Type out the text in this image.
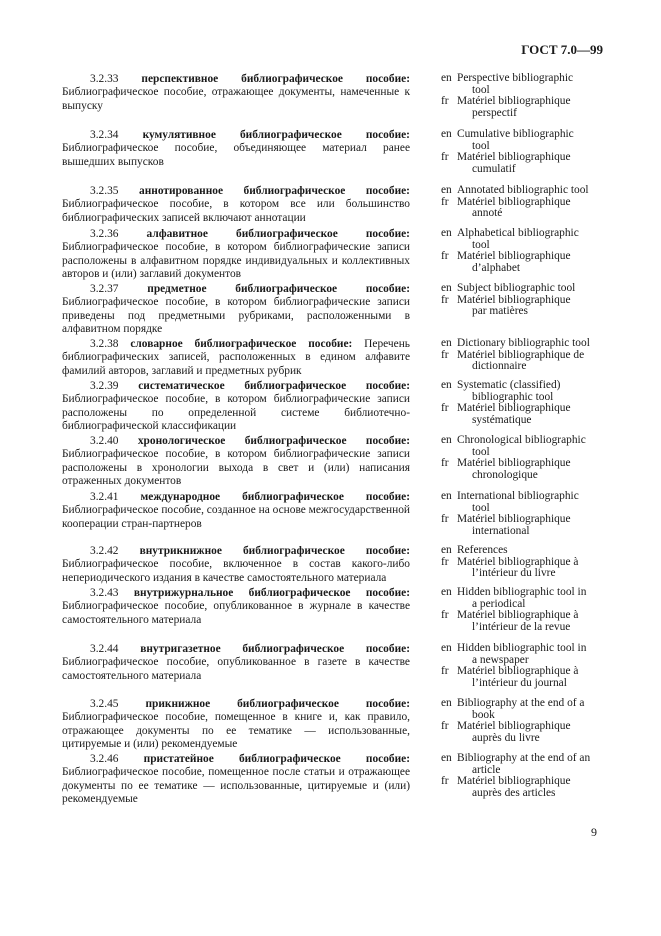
ГОСТ 7.0—99
3.2.33 перспективное библиографическое пособие: Библиографическое пособие, отражающее документы, намеченные к выпуску
en Perspective bibliographic
tool
fr Matériel bibliographique
perspectif
3.2.34 кумулятивное библиографическое пособие: Библиографическое пособие, объединяющее материал ранее вышедших выпусков
en Cumulative bibliographic
tool
fr Matériel bibliographique
cumulatif
3.2.35 аннотированное библиографическое пособие: Библиографическое пособие, в котором все или большинство библиографических записей включают аннотации
en Annotated bibliographic tool
fr Matériel bibliographique
annoté
3.2.36 алфавитное библиографическое пособие: Библиографическое пособие, в котором библиографические записи расположены в алфавитном порядке индивидуальных и коллективных авторов и (или) заглавий документов
en Alphabetical bibliographic
tool
fr Matériel bibliographique
d’alphabet
3.2.37	предметное библиографическое пособие: Библиографическое пособие, в котором библиографические записи приведены под предметными рубриками, расположенными в алфавитном порядке
en Subject bibliographic tool
fr Matériel bibliographique
par matières
3.2.38 словарное библиографическое пособие: Перечень библиографических записей, расположенных в едином алфавите фамилий авторов, заглавий и предметных рубрик
en Dictionary bibliographic tool
fr Matériel bibliographique de
dictionnaire
3.2.39 систематическое библиографическое пособие: Библиографическое пособие, в котором библиографические записи расположены по определенной системе библиотечно-библиографической классификации
en Systematic (classified)
bibliographic tool
fr Matériel bibliographique
systématique
3.2.40 хронологическое библиографическое пособие: Библиографическое пособие, в котором библиографические записи расположены в хронологии выхода в свет и (или) написания отраженных документов
en Chronological bibliographic
tool
fr Matériel bibliographique
chronologique
3.2.41 международное библиографическое пособие: Библиографическое пособие, созданное на основе межгосударственной кооперации стран-партнеров
en International bibliographic
tool
fr Matériel bibliographique
international
3.2.42 внутрикнижное библиографическое пособие: Библиографическое пособие, включенное в состав какого-либо непериодического издания в качестве самостоятельного материала
en References
fr Matériel bibliographique à
l’intérieur du livre
3.2.43 внутрижурнальное библиографическое пособие: Библиографическое пособие, опубликованное в журнале в качестве самостоятельного материала
en Hidden bibliographic tool in
a periodical
fr Matériel bibliographique à
l’intérieur de la revue
3.2.44 внутригазетное библиографическое пособие: Библиографическое пособие, опубликованное в газете в качестве самостоятельного материала
en Hidden bibliographic tool in
a newspaper
fr Matériel bibliographique à
l’intérieur du journal
3.2.45 прикнижное библиографическое пособие: Библиографическое пособие, помещенное в книге и, как правило, отражающее документы по ее тематике — использованные, цитируемые и (или) рекомендуемые
en Bibliography at the end of a
book
fr Matériel bibliographique
auprès du livre
3.2.46 пристатейное библиографическое пособие: Библиографическое пособие, помещенное после статьи и отражающее документы по ее тематике — использованные, цитируемые и (или) рекомендуемые
en Bibliography at the end of an
article
fr Matériel bibliographique
auprès des articles
9
